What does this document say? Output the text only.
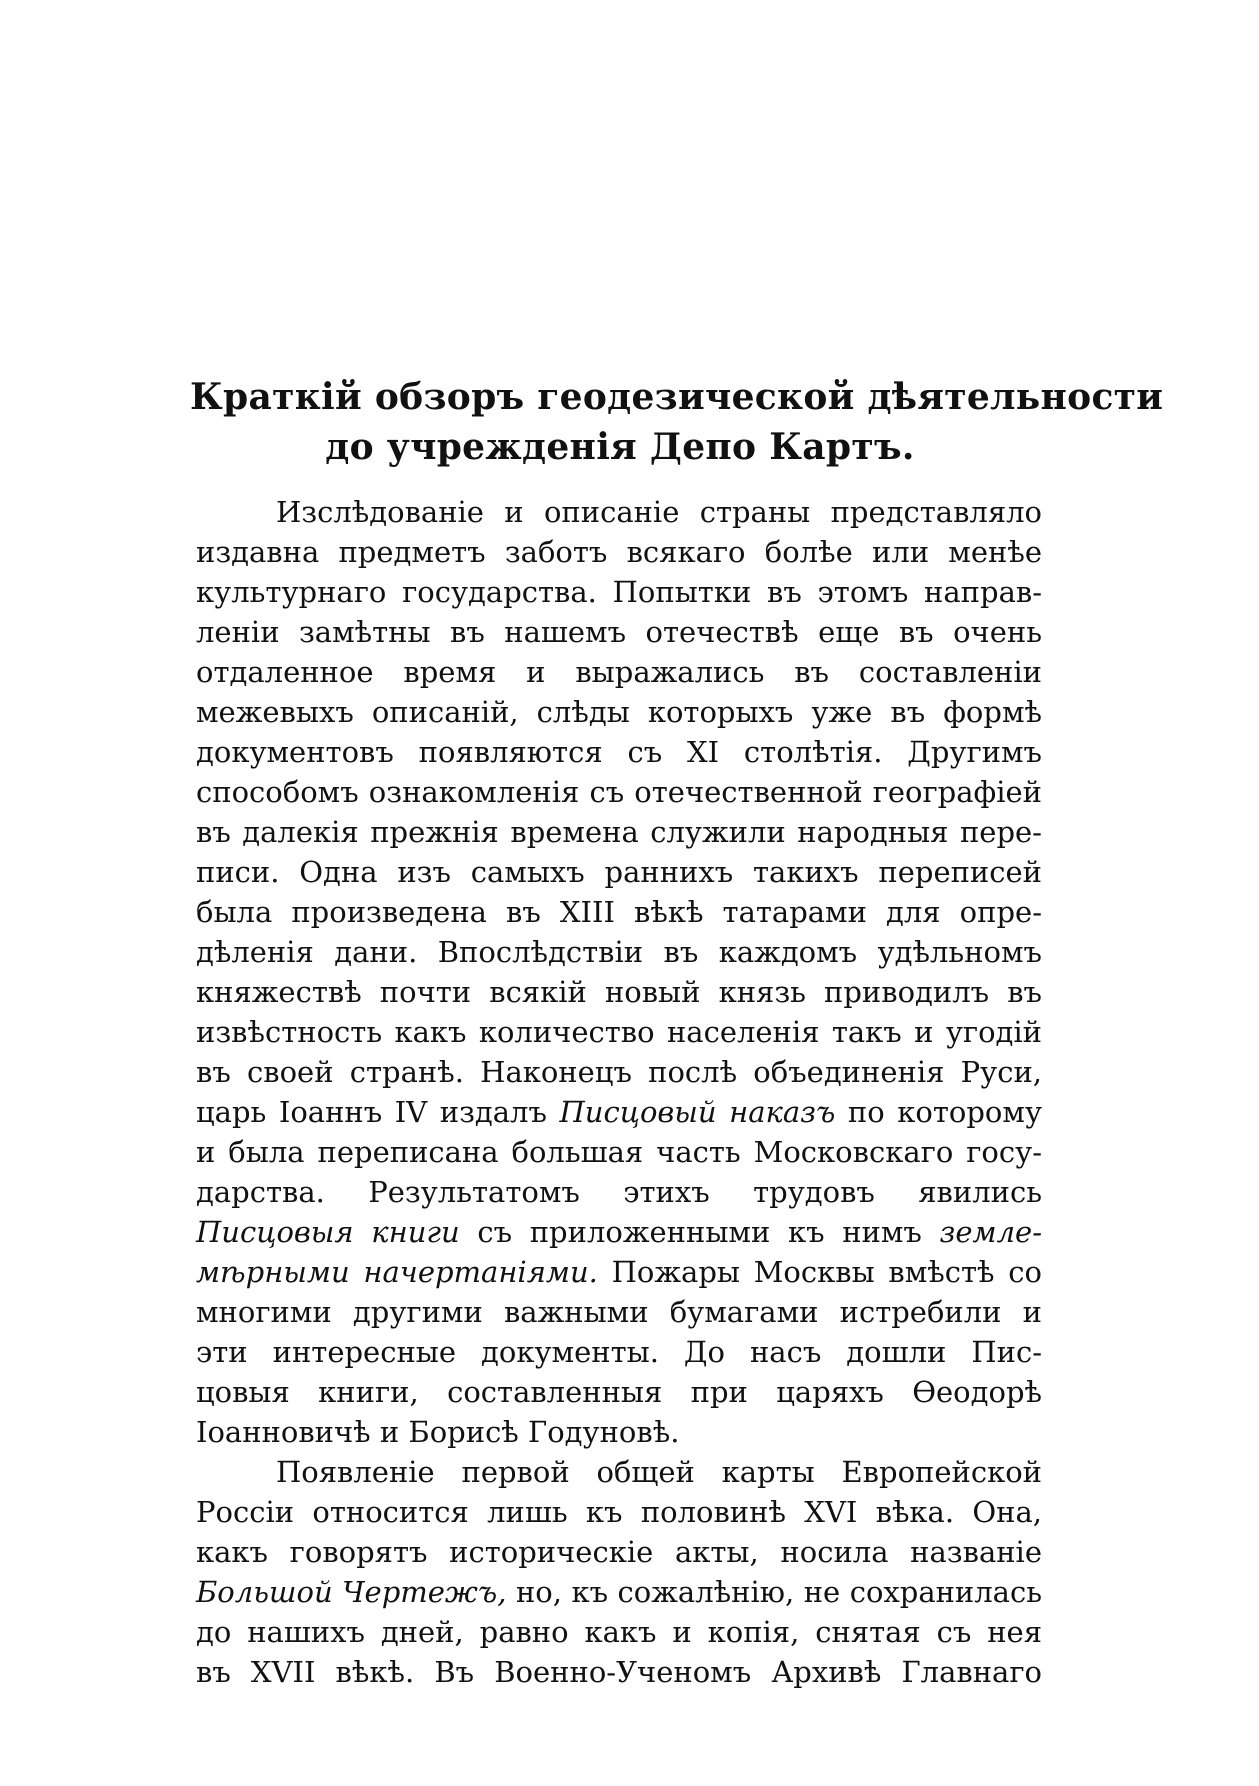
Краткій обзоръ геодезической дѣятельности
до учрежденія Депо Картъ.
Изслѣдованіе и описаніе страны представляло
издавна предметъ заботъ всякаго болѣе или менѣе
культурнаго государства. Попытки въ этомъ направ-
леніи замѣтны въ нашемъ отечествѣ еще въ очень
отдаленное время и выражались въ составленіи
межевыхъ описаній, слѣды которыхъ уже въ формѣ
документовъ появляются съ XI столѣтія. Другимъ
способомъ ознакомленія съ отечественной географіей
въ далекія прежнія времена служили народныя пере-
писи. Одна изъ самыхъ раннихъ такихъ переписей
была произведена въ XIII вѣкѣ татарами для опре-
дѣленія дани. Впослѣдствіи въ каждомъ удѣльномъ
княжествѣ почти всякій новый князь приводилъ въ
извѣстность какъ количество населенія такъ и угодій
въ своей странѣ. Наконецъ послѣ объединенія Руси,
царь Іоаннъ IV издалъ Писцовый наказъ по которому
и была переписана большая часть Московскаго госу-
дарства. Результатомъ этихъ трудовъ явились
Писцовыя книги съ приложенными къ нимъ земле-
мѣрными начертаніями. Пожары Москвы вмѣстѣ со
многими другими важными бумагами истребили и
эти интересные документы. До насъ дошли Пис-
цовыя книги, составленныя при царяхъ Ѳеодорѣ
Іоанновичѣ и Борисѣ Годуновѣ.
Появленіе первой общей карты Европейской
Россіи относится лишь къ половинѣ XVI вѣка. Она,
какъ говорятъ историческіе акты, носила названіе
Большой Чертежъ, но, къ сожалѣнію, не сохранилась
до нашихъ дней, равно какъ и копія, снятая съ нея
въ XVII вѣкѣ. Въ Военно-Ученомъ Архивѣ Главнаго
